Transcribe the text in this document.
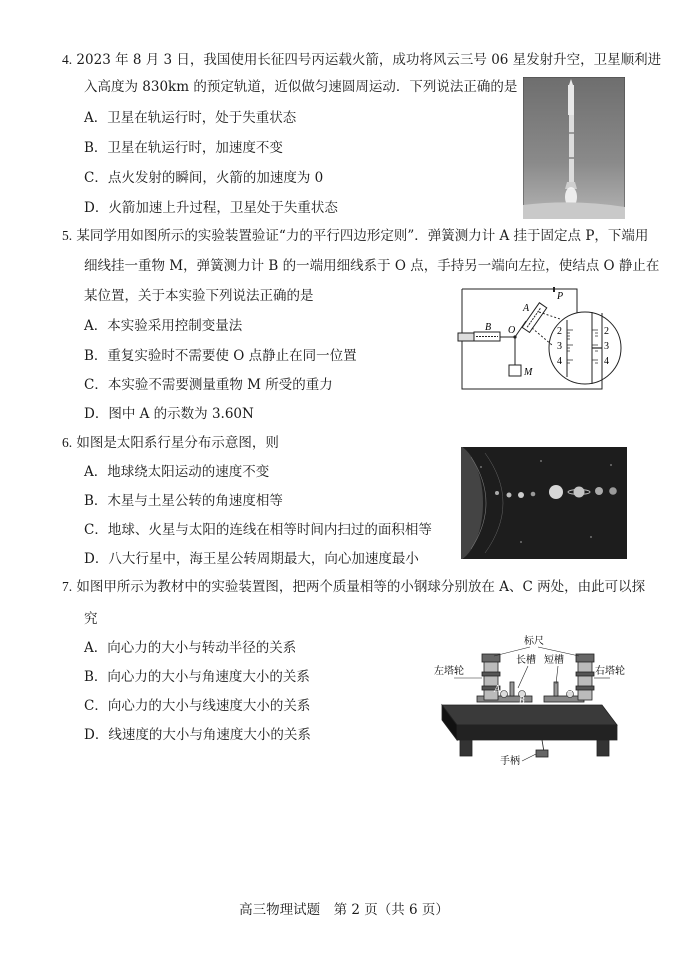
4. 2023 年 8 月 3 日，我国使用长征四号丙运载火箭，成功将风云三号 06 星发射升空，卫星顺利进
入高度为 830km 的预定轨道，近似做匀速圆周运动．下列说法正确的是
A．卫星在轨运行时，处于失重状态
B．卫星在轨运行时，加速度不变
C．点火发射的瞬间，火箭的加速度为 0
D．火箭加速上升过程，卫星处于失重状态
5. 某同学用如图所示的实验装置验证“力的平行四边形定则”．弹簧测力计 A 挂于固定点 P，下端用
细线挂一重物 M，弹簧测力计 B 的一端用细线系于 O 点，手持另一端向左拉，使结点 O 静止在
某位置，关于本实验下列说法正确的是
A．本实验采用控制变量法
B．重复实验时不需要使 O 点静止在同一位置
C．本实验不需要测量重物 M 所受的重力
D．图中 A 的示数为 3.60N
P
A
B O
M
2
3
4
2
3
4
6. 如图是太阳系行星分布示意图，则
A．地球绕太阳运动的速度不变
B．木星与土星公转的角速度相等
C．地球、火星与太阳的连线在相等时间内扫过的面积相等
D．八大行星中，海王星公转周期最大，向心加速度最小
7. 如图甲所示为教材中的实验装置图，把两个质量相等的小钢球分别放在 A、C 两处，由此可以探
究
A．向心力的大小与转动半径的关系
B．向心力的大小与角速度大小的关系
C．向心力的大小与线速度大小的关系
D．线速度的大小与角速度大小的关系
标尺
长槽 短槽
左塔轮	右塔轮
A
B
C
手柄
高三物理试题　第 2 页（共 6 页）
